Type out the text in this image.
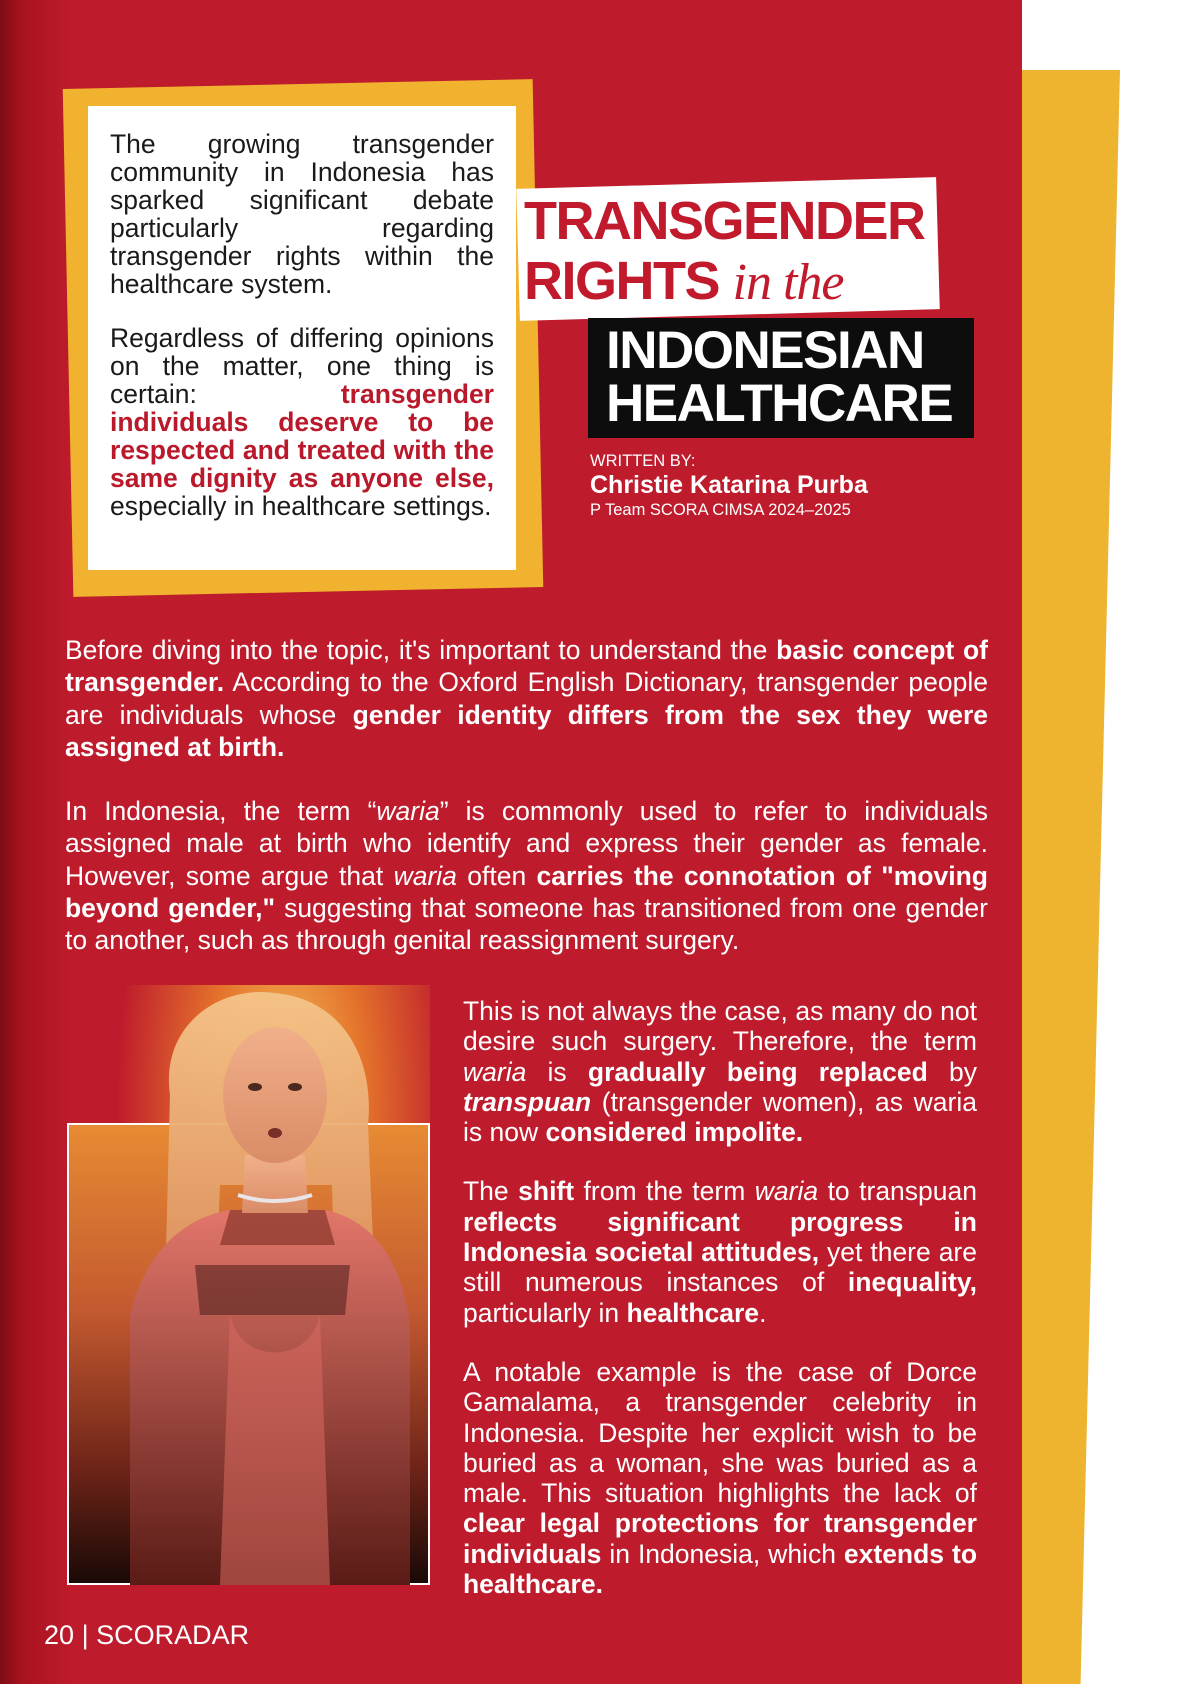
The growing transgender community in Indonesia has sparked significant debate particularly regarding transgender rights within the healthcare system.

Regardless of differing opinions on the matter, one thing is certain:	transgender individuals deserve to be respected and treated with the same dignity as anyone else, especially in healthcare settings.

TRANSGENDER
RIGHTS in the
INDONESIAN
HEALTHCARE
WRITTEN BY:
Christie Katarina Purba
P Team SCORA CIMSA 2024–2025

Before diving into the topic, it's important to understand the basic concept of transgender. According to the Oxford English Dictionary, transgender people are individuals whose gender identity differs from the sex they were assigned at birth.

In Indonesia, the term “waria” is commonly used to refer to individuals assigned male at birth who identify and express their gender as female. However, some argue that waria often carries the connotation of "moving beyond gender," suggesting that someone has transitioned from one gender to another, such as through genital reassignment surgery.

This is not always the case, as many do not desire such surgery. Therefore, the term waria is gradually being replaced by transpuan (transgender women), as waria is now considered impolite.

The shift from the term waria to transpuan reflects significant progress in Indonesia societal attitudes, yet there are still numerous instances of inequality, particularly in healthcare.

A notable example is the case of Dorce Gamalama, a transgender celebrity in Indonesia. Despite her explicit wish to be buried as a woman, she was buried as a male. This situation highlights the lack of clear legal protections for transgender individuals in Indonesia, which extends to healthcare.

20 | SCORADAR
